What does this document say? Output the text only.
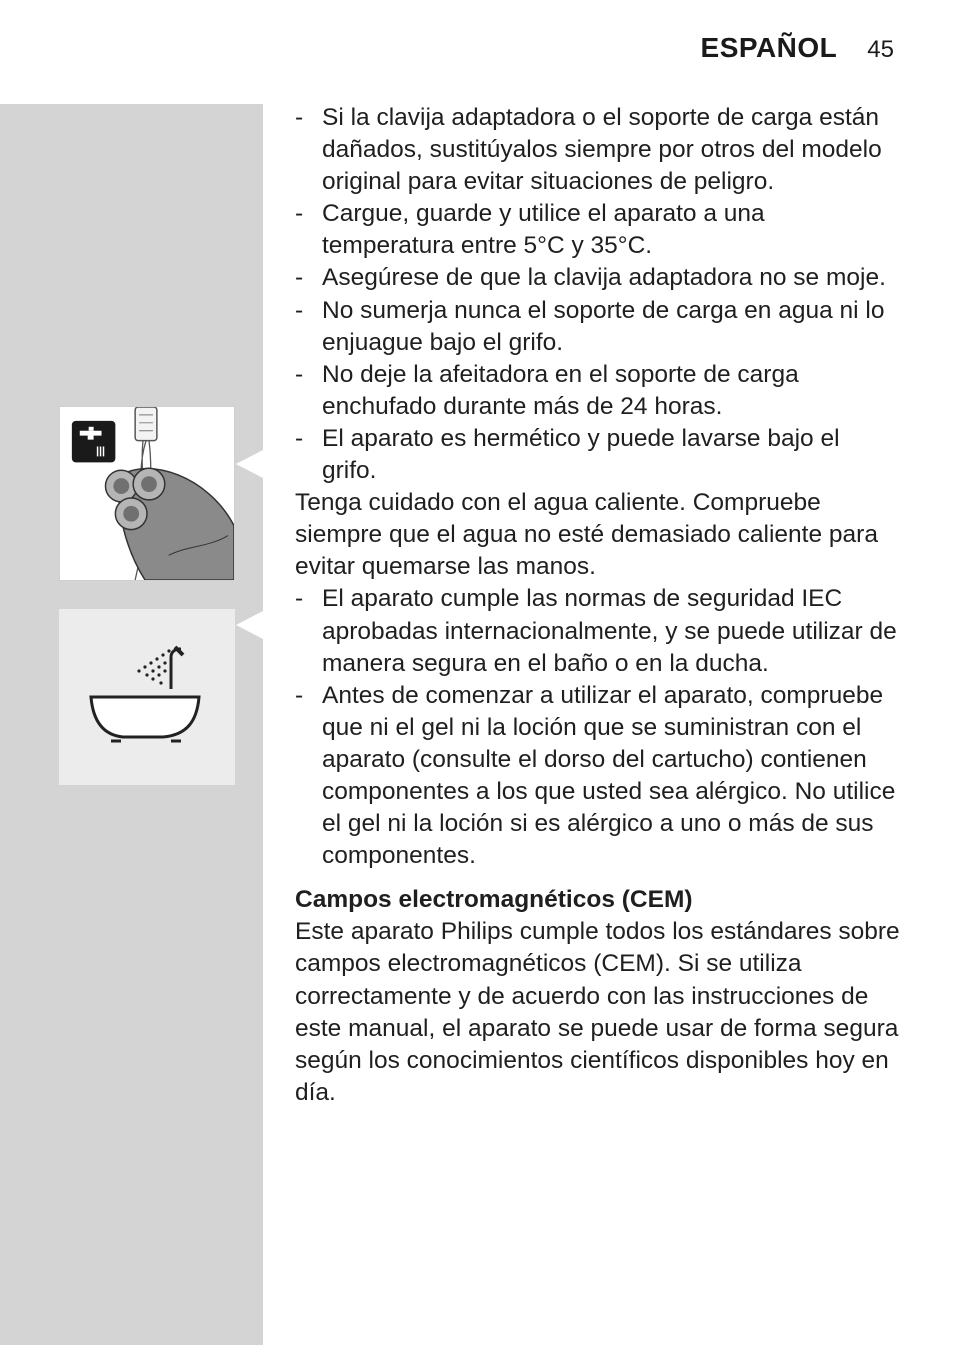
ESPAÑOL 45

- Si la clavija adaptadora o el soporte de carga están dañados, sustitúyalos siempre por otros del modelo original para evitar situaciones de peligro.

- Cargue, guarde y utilice el aparato a una temperatura entre 5°C y 35°C.

- Asegúrese de que la clavija adaptadora no se moje.

- No sumerja nunca el soporte de carga en agua ni lo enjuague bajo el grifo.

- No deje la afeitadora en el soporte de carga enchufado durante más de 24 horas.

- El aparato es hermético y puede lavarse bajo el grifo.

Tenga cuidado con el agua caliente. Compruebe siempre que el agua no esté demasiado caliente para evitar quemarse las manos.

- El aparato cumple las normas de seguridad IEC aprobadas internacionalmente, y se puede utilizar de manera segura en el baño o en la ducha.

- Antes de comenzar a utilizar el aparato, compruebe que ni el gel ni la loción que se suministran con el aparato (consulte el dorso del cartucho) contienen componentes a los que usted sea alérgico. No utilice el gel ni la loción si es alérgico a uno o más de sus componentes.

Campos electromagnéticos (CEM)

Este aparato Philips cumple todos los estándares sobre campos electromagnéticos (CEM). Si se utiliza correctamente y de acuerdo con las instrucciones de este manual, el aparato se puede usar de forma segura según los conocimientos científicos disponibles hoy en día.
